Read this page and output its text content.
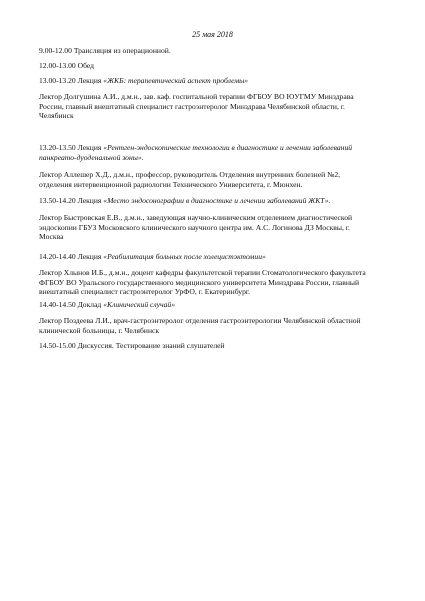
25 мая 2018
9.00-12.00 Трансляция из операционной.
12.00-13.00 Обед
13.00-13.20 Лекция «ЖКБ: терапевтический аспект проблемы»
Лектор Долгушина А.И., д.м.н., зав. каф. госпитальной терапии ФГБОУ ВО ЮУГМУ Минздрава
России, главный внештатный специалист гастроэнтеролог Минздрава Челябинской области, г.
Челябинск
13.20-13.50 Лекция «Рентген-эндоскопические технологии в диагностике и лечении заболеваний
панкреато-дуоденальной зоны».
Лектор Аллешер Х.Д., д.м.н., профессор, руководитель Отделения внутренних болезней №2,
отделения интервенционной радиологии Технического Университета, г. Мюнхен.
13.50-14.20 Лекция «Место эндосонографии в диагностике и лечении заболеваний ЖКТ».
Лектор Быстровская Е.В., д.м.н., заведующая научно-клиническим отделением диагностической
эндоскопии ГБУЗ Московского клинического научного центра им. А.С. Логинова ДЗ Москвы, г.
Москва
14.20-14.40 Лекция «Реабилитация больных после холецистэктомии»
Лектор Хлынов И.Б., д.м.н., доцент кафедры факультетской терапии Стоматологического факультета
ФГБОУ ВО Уральского государственного медицинского университета Минздрава России, главный
внештатный специалист гастроэнтеролог УрФО, г. Екатеринбург.
14.40-14.50 Доклад «Клинический случай»
Лектор Поздеева Л.И., врач-гастроэнтеролог отделения гастроэнтерологии Челябинской областной
клинической больницы, г. Челябинск
14.50-15.00 Дискуссия. Тестирование знаний слушателей
